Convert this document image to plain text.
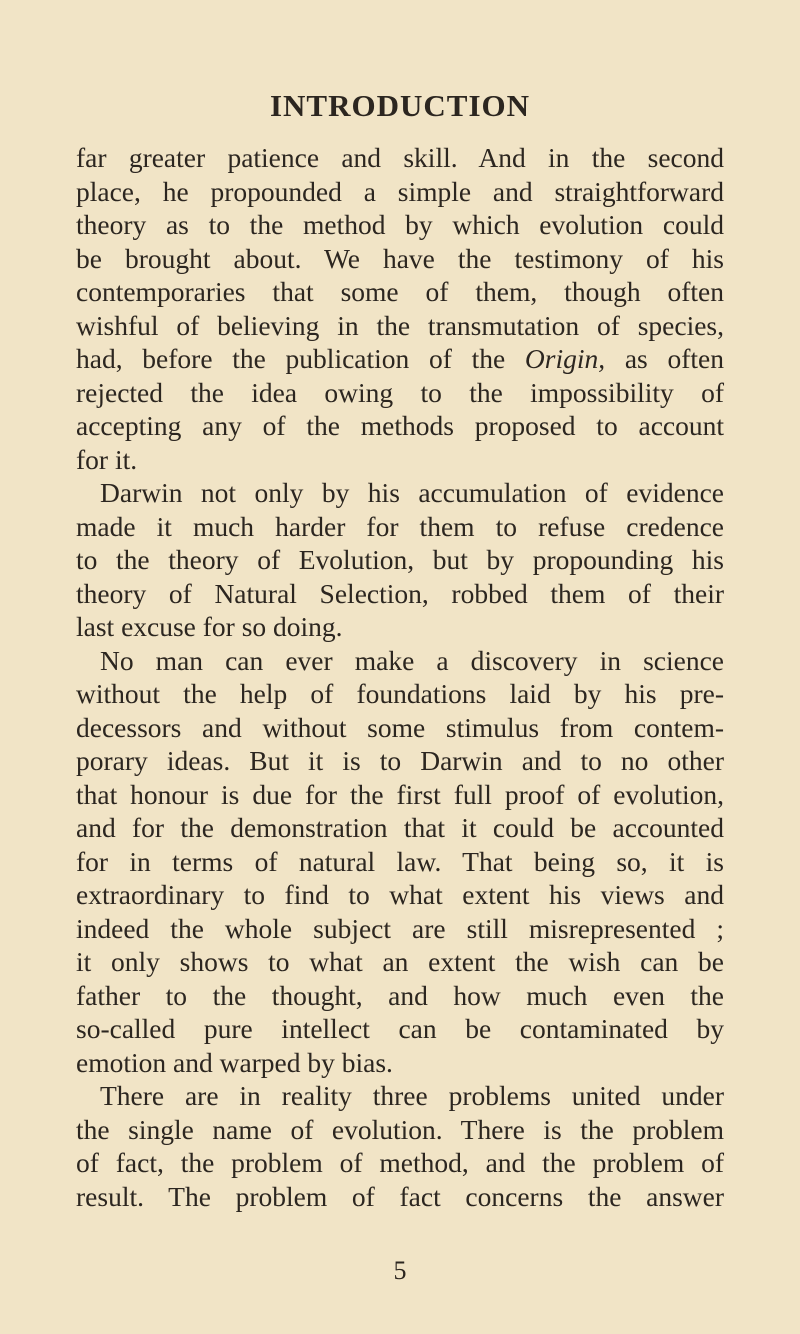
INTRODUCTION
far greater patience and skill. And in the second
place, he propounded a simple and straightforward
theory as to the method by which evolution could
be brought about. We have the testimony of his
contemporaries that some of them, though often
wishful of believing in the transmutation of species,
had, before the publication of the Origin, as often
rejected the idea owing to the impossibility of
accepting any of the methods proposed to account
for it.
Darwin not only by his accumulation of evidence
made it much harder for them to refuse credence
to the theory of Evolution, but by propounding his
theory of Natural Selection, robbed them of their
last excuse for so doing.
No man can ever make a discovery in science
without the help of foundations laid by his pre-
decessors and without some stimulus from contem-
porary ideas. But it is to Darwin and to no other
that honour is due for the first full proof of evolution,
and for the demonstration that it could be accounted
for in terms of natural law. That being so, it is
extraordinary to find to what extent his views and
indeed the whole subject are still misrepresented ;
it only shows to what an extent the wish can be
father to the thought, and how much even the
so-called pure intellect can be contaminated by
emotion and warped by bias.
There are in reality three problems united under
the single name of evolution. There is the problem
of fact, the problem of method, and the problem of
result. The problem of fact concerns the answer
5
